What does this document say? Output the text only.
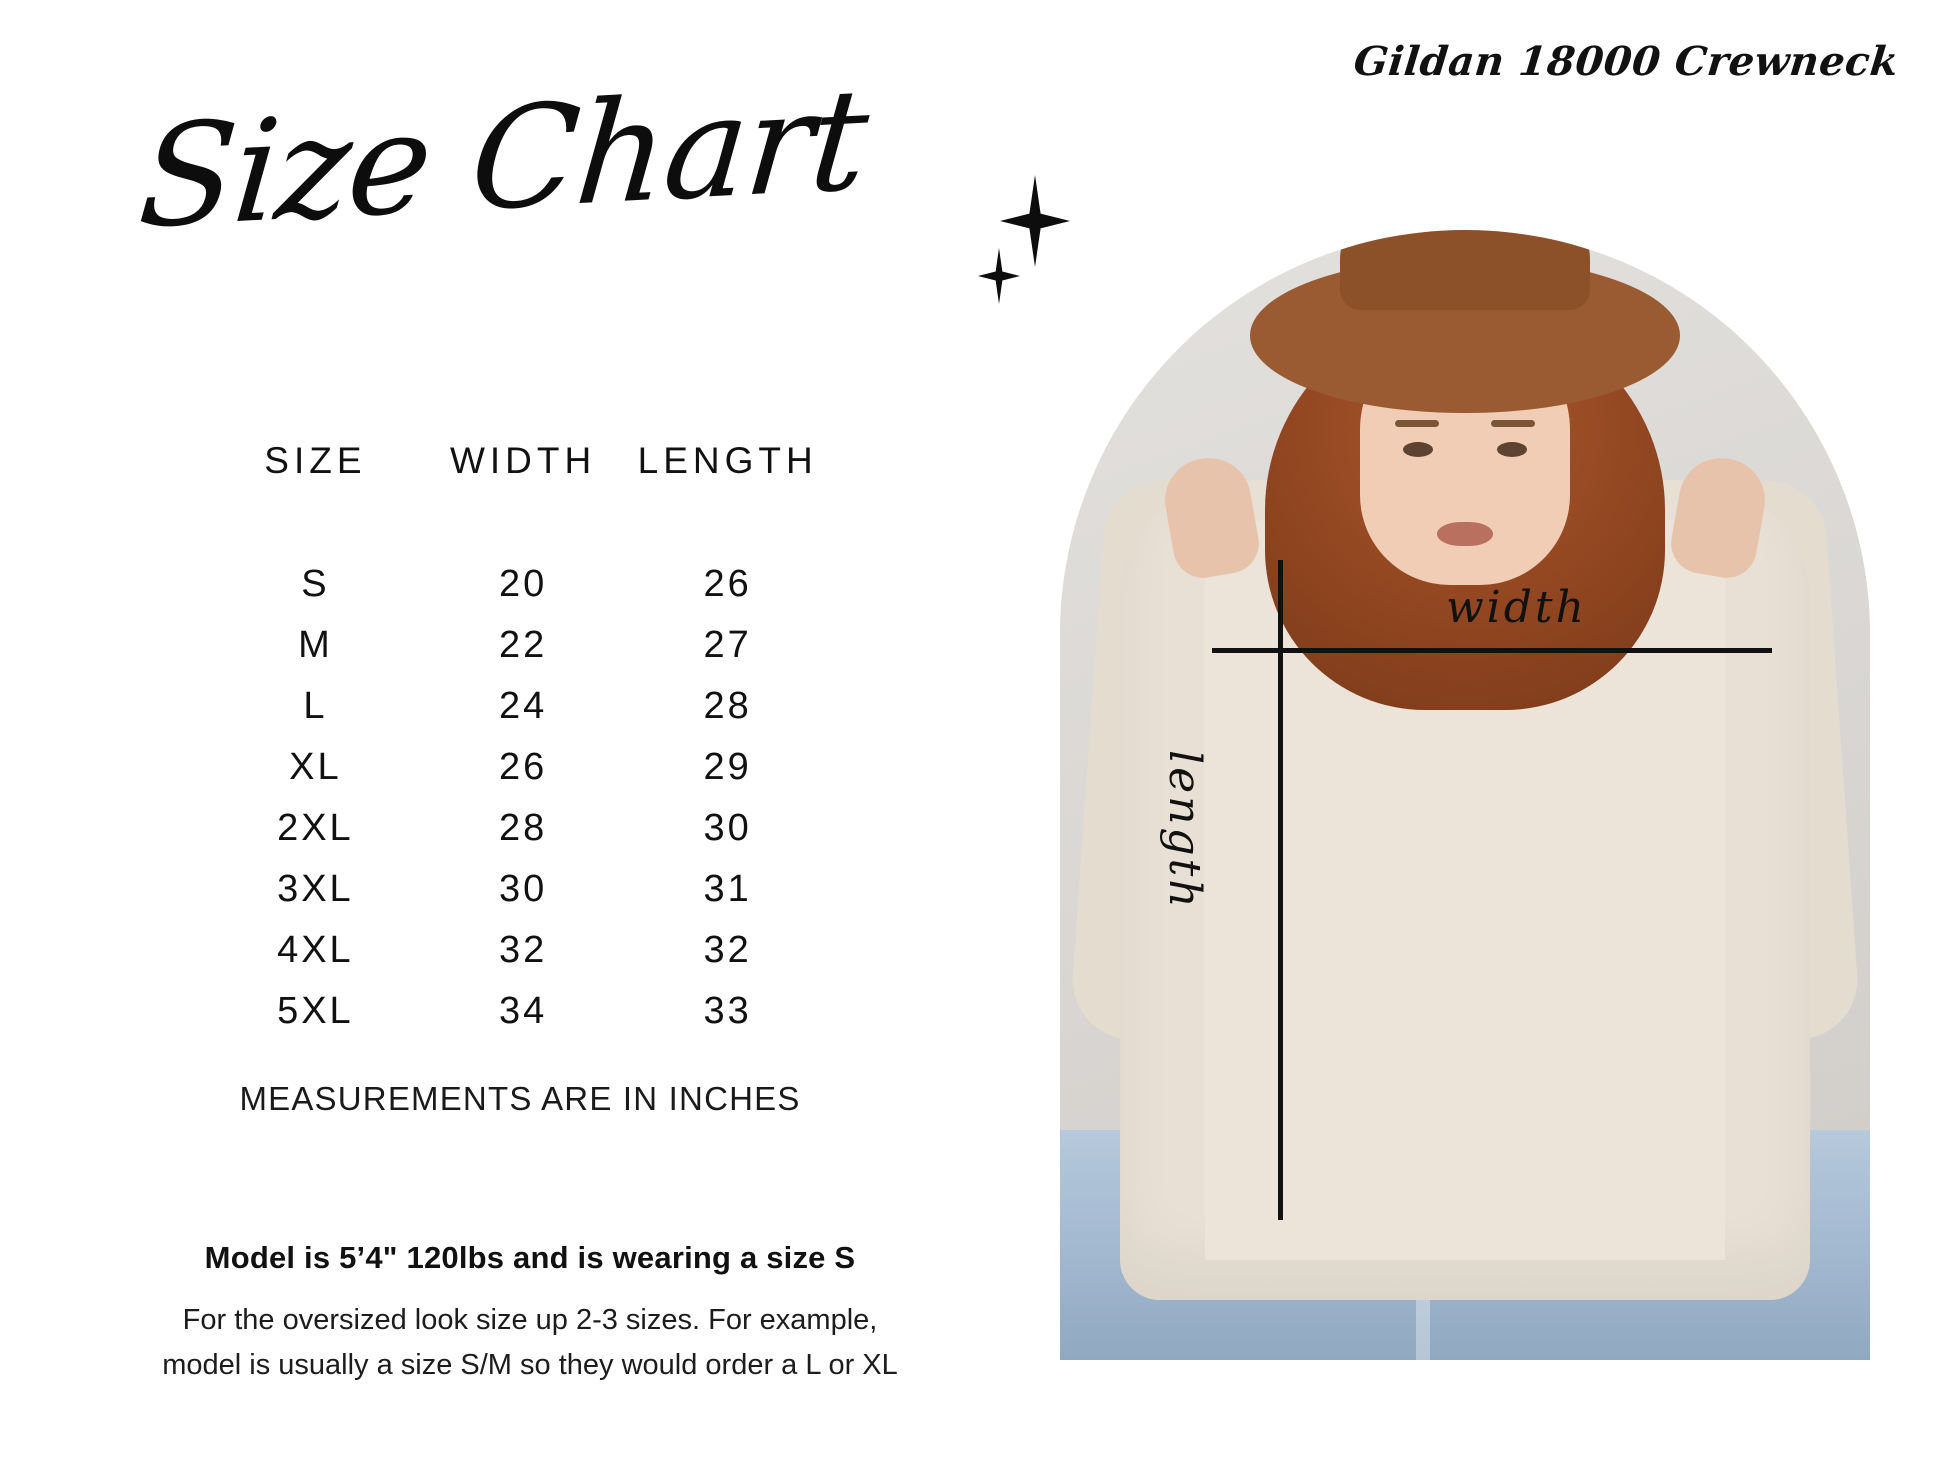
Gildan 18000 Crewneck
Size Chart
SIZE	WIDTH	LENGTH
S	20	26
M	22	27
L	24	28
XL	26	29
2XL	28	30
3XL	30	31
4XL	32	32
5XL	34	33
MEASUREMENTS ARE IN INCHES
Model is 5’4" 120lbs and is wearing a size S
For the oversized look size up 2-3 sizes. For example,
model is usually a size S/M so they would order a L or XL
width
length
